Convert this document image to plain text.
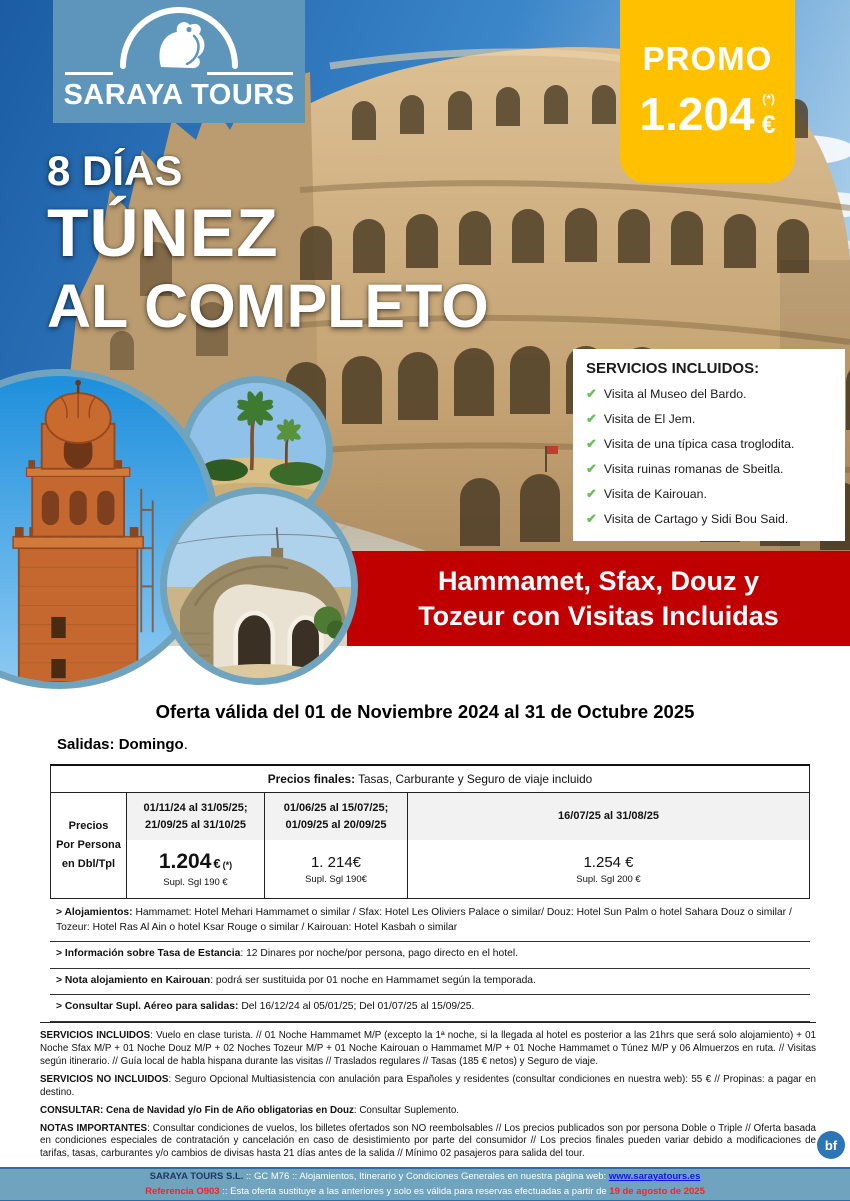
SARAYA TOURS
PROMO
1.204 (*)
€
8 DÍAS
TÚNEZ
AL COMPLETO
SERVICIOS INCLUIDOS:
✔ Visita al Museo del Bardo.
✔ Visita de El Jem.
✔ Visita de una típica casa troglodita.
✔ Visita ruinas romanas de Sbeitla.
✔ Visita de Kairouan.
✔ Visita de Cartago y Sidi Bou Said.
Hammamet, Sfax, Douz y
Tozeur con Visitas Incluidas
Oferta válida del 01 de Noviembre 2024 al 31 de Octubre 2025
Salidas: Domingo.
Precios finales: Tasas, Carburante y Seguro de viaje incluido
Precios
Por Persona
en Dbl/Tpl
01/11/24 al 31/05/25;
21/09/25 al 31/10/25
01/06/25 al 15/07/25;
01/09/25 al 20/09/25
16/07/25 al 31/08/25
1.204 € (*)
Supl. Sgl 190 €
1. 214€
Supl. Sgl 190€
1.254 €
Supl. Sgl 200 €
> Alojamientos: Hammamet: Hotel Mehari Hammamet o similar / Sfax: Hotel Les Oliviers Palace o similar/ Douz: Hotel Sun Palm o hotel Sahara Douz o similar / Tozeur: Hotel Ras Al Ain o hotel Ksar Rouge o similar / Kairouan: Hotel Kasbah o similar
> Información sobre Tasa de Estancia: 12 Dinares por noche/por persona, pago directo en el hotel.
> Nota alojamiento en Kairouan: podrá ser sustituida por 01 noche en Hammamet según la temporada.
> Consultar Supl. Aéreo para salidas: Del 16/12/24 al 05/01/25; Del 01/07/25 al 15/09/25.

SERVICIOS INCLUIDOS: Vuelo en clase turista. // 01 Noche Hammamet M/P (excepto la 1ª noche, si la llegada al hotel es posterior a las 21hrs que será solo alojamiento) + 01 Noche Sfax M/P + 01 Noche Douz M/P + 02 Noches Tozeur M/P + 01 Noche Kairouan o Hammamet M/P + 01 Noche Hammamet o Túnez M/P y 06 Almuerzos en ruta. // Visitas según itinerario. // Guía local de habla hispana durante las visitas // Traslados regulares // Tasas (185 € netos) y Seguro de viaje.

SERVICIOS NO INCLUIDOS: Seguro Opcional Multiasistencia con anulación para Españoles y residentes (consultar condiciones en nuestra web): 55 € // Propinas: a pagar en destino.

CONSULTAR: Cena de Navidad y/o Fin de Año obligatorias en Douz: Consultar Suplemento.

NOTAS IMPORTANTES: Consultar condiciones de vuelos, los billetes ofertados son NO reembolsables // Los precios publicados son por persona Doble o Triple // Oferta basada en condiciones especiales de contratación y cancelación en caso de desistimiento por parte del consumidor // Los precios finales pueden variar debido a modificaciones de tarifas, tasas, carburantes y/o cambios de divisas hasta 21 días antes de la salida // Mínimo 02 pasajeros para salida del tour.

SARAYA TOURS S.L. :: GC M76 :: Alojamientos, Itinerario y Condiciones Generales en nuestra página web: www.sarayatours.es
Referencia O903 :: Esta oferta sustituye a las anteriores y solo es válida para reservas efectuadas a partir de 19 de agosto de 2025
bf
